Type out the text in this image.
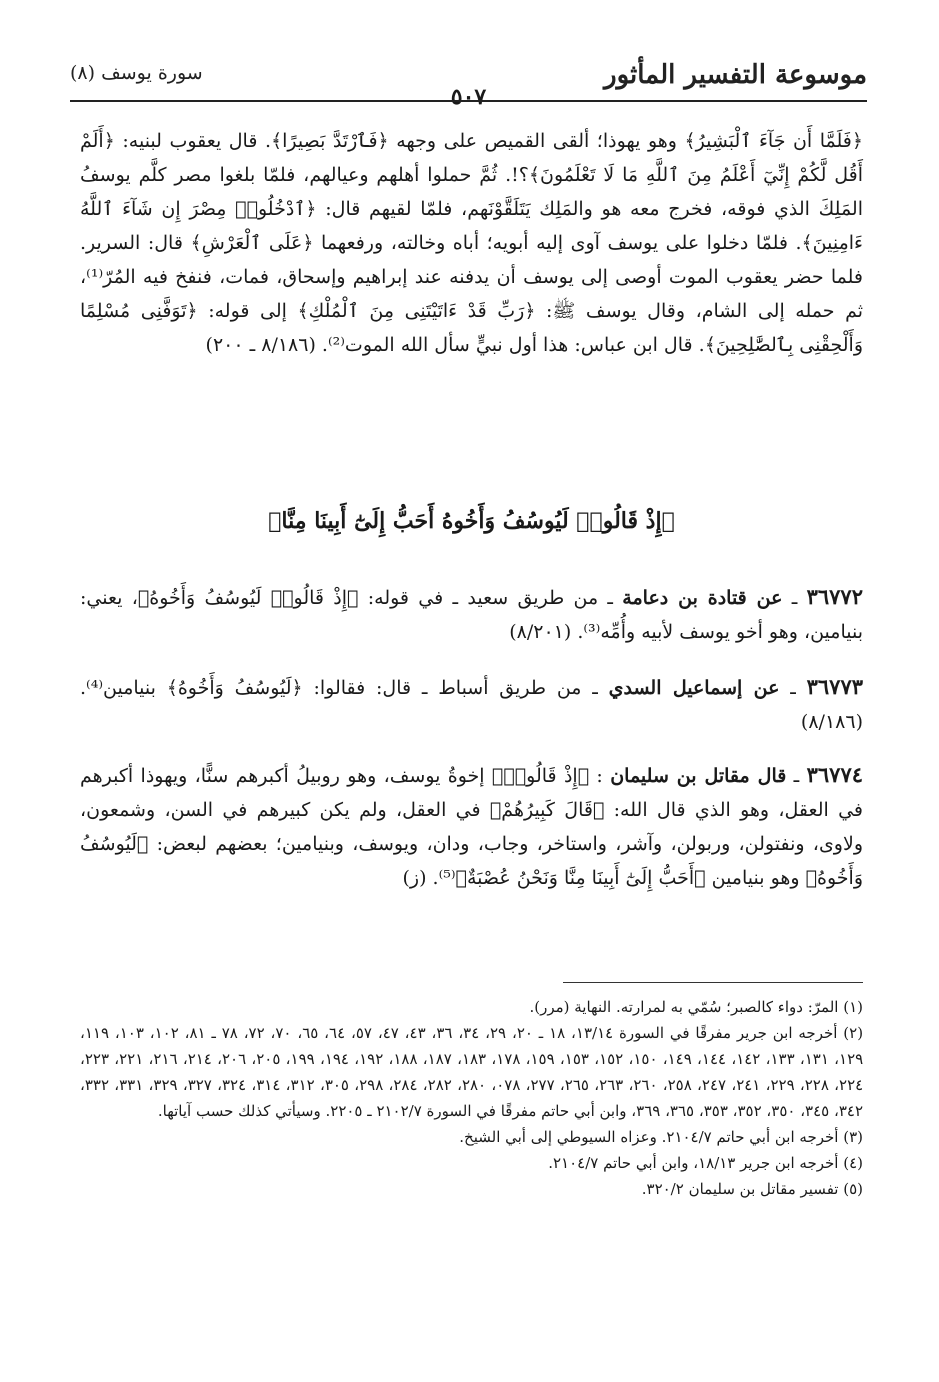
موسوعة التفسير المأثور
سورة يوسف (٨)
٥٠٧
﴿فَلَمَّا أَن جَآءَ ٱلْبَشِيرُ﴾ وهو يهوذا؛ ألقى القميص على وجهه ﴿فَٱرْتَدَّ بَصِيرًا﴾. قال يعقوب لبنيه: ﴿أَلَمْ أَقُل لَّكُمْ إِنِّيٓ أَعْلَمُ مِنَ ٱللَّهِ مَا لَا تَعْلَمُونَ﴾؟!. ثُمَّ حملوا أهلهم وعيالهم، فلمّا بلغوا مصر كلَّم يوسفُ المَلِكَ الذي فوقه، فخرج معه هو والمَلِك يَتَلَقَّوْنَهم، فلمّا لقيهم قال: ﴿ٱدْخُلُوا۟ مِصْرَ إِن شَآءَ ٱللَّهُ ءَامِنِينَ﴾. فلمّا دخلوا على يوسف آوى إليه أبويه؛ أباه وخالته، ورفعهما ﴿عَلَى ٱلْعَرْشِ﴾ قال: السرير. فلما حضر يعقوب الموت أوصى إلى يوسف أن يدفنه عند إبراهيم وإسحاق، فمات، فنفخ فيه المُرّ⁽¹⁾، ثم حمله إلى الشام، وقال يوسف ﷺ: ﴿رَبِّ قَدْ ءَاتَيْتَنِى مِنَ ٱلْمُلْكِ﴾ إلى قوله: ﴿تَوَفَّنِى مُسْلِمًا وَأَلْحِقْنِى بِٱلصَّٰلِحِينَ﴾. قال ابن عباس: هذا أول نبيٍّ سأل الله الموت⁽²⁾. (٨/١٨٦ ـ ٢٠٠)
﴿إِذْ قَالُوا۟ لَيُوسُفُ وَأَخُوهُ أَحَبُّ إِلَىٰٓ أَبِينَا مِنَّا﴾
٣٦٧٧٢ ـ عن قتادة بن دعامة ـ من طريق سعيد ـ في قوله: ﴿إِذْ قَالُوا۟ لَيُوسُفُ وَأَخُوهُ﴾، يعني: بنيامين، وهو أخو يوسف لأبيه وأُمِّه⁽³⁾. (٨/٢٠١)
٣٦٧٧٣ ـ عن إسماعيل السدي ـ من طريق أسباط ـ قال: فقالوا: ﴿لَيُوسُفُ وَأَخُوهُ﴾ بنيامين⁽⁴⁾. (٨/١٨٦)
٣٦٧٧٤ ـ قال مقاتل بن سليمان : ﴿إِذْ قَالُوا۟﴾ إخوةُ يوسف، وهو روبيلُ أكبرهم سنًّا، ويهوذا أكبرهم في العقل، وهو الذي قال الله: ﴿قَالَ كَبِيرُهُمْ﴾ في العقل، ولم يكن كبيرهم في السن، وشمعون، ولاوى، ونفتولن، وربولن، وآشر، واستاخر، وجاب، ودان، ويوسف، وبنيامين؛ بعضهم لبعض: ﴿لَيُوسُفُ وَأَخُوهُ﴾ وهو بنيامين ﴿أَحَبُّ إِلَىٰٓ أَبِينَا مِنَّا وَنَحْنُ عُصْبَةٌ﴾⁽⁵⁾. (ز)

(١) المرّ: دواء كالصبر؛ سُمّي به لمرارته. النهاية (مرر).

(٢) أخرجه ابن جرير مفرقًا في السورة ١٣/١٤، ١٨ ـ ٢٠، ٢٩، ٣٤، ٣٦، ٤٣، ٤٧، ٥٧، ٦٤، ٦٥، ٧٠، ٧٢، ٧٨ ـ ٨١، ١٠٢، ١٠٣، ١١٩، ١٢٩، ١٣١، ١٣٣، ١٤٢، ١٤٤، ١٤٩، ١٥٠، ١٥٢، ١٥٣، ١٥٩، ١٧٨، ١٨٣، ١٨٧، ١٨٨، ١٩٢، ١٩٤، ١٩٩، ٢٠٥، ٢٠٦، ٢١٤، ٢١٦، ٢٢١، ٢٢٣، ٢٢٤، ٢٢٨، ٢٢٩، ٢٤١، ٢٤٧، ٢٥٨، ٢٦٠، ٢٦٣، ٢٦٥، ٢٧٧، ٠٧٨، ٢٨٠، ٢٨٢، ٢٨٤، ٢٩٨، ٣٠٥، ٣١٢، ٣١٤، ٣٢٤، ٣٢٧، ٣٢٩، ٣٣١، ٣٣٢، ٣٤٢، ٣٤٥، ٣٥٠، ٣٥٢، ٣٥٣، ٣٦٥، ٣٦٩، وابن أبي حاتم مفرقًا في السورة ٢١٠٢/٧ ـ ٢٢٠٥. وسيأتي كذلك حسب آياتها.

(٣) أخرجه ابن أبي حاتم ٢١٠٤/٧. وعزاه السيوطي إلى أبي الشيخ.

(٤) أخرجه ابن جرير ١٨/١٣، وابن أبي حاتم ٢١٠٤/٧.

(٥) تفسير مقاتل بن سليمان ٣٢٠/٢.
